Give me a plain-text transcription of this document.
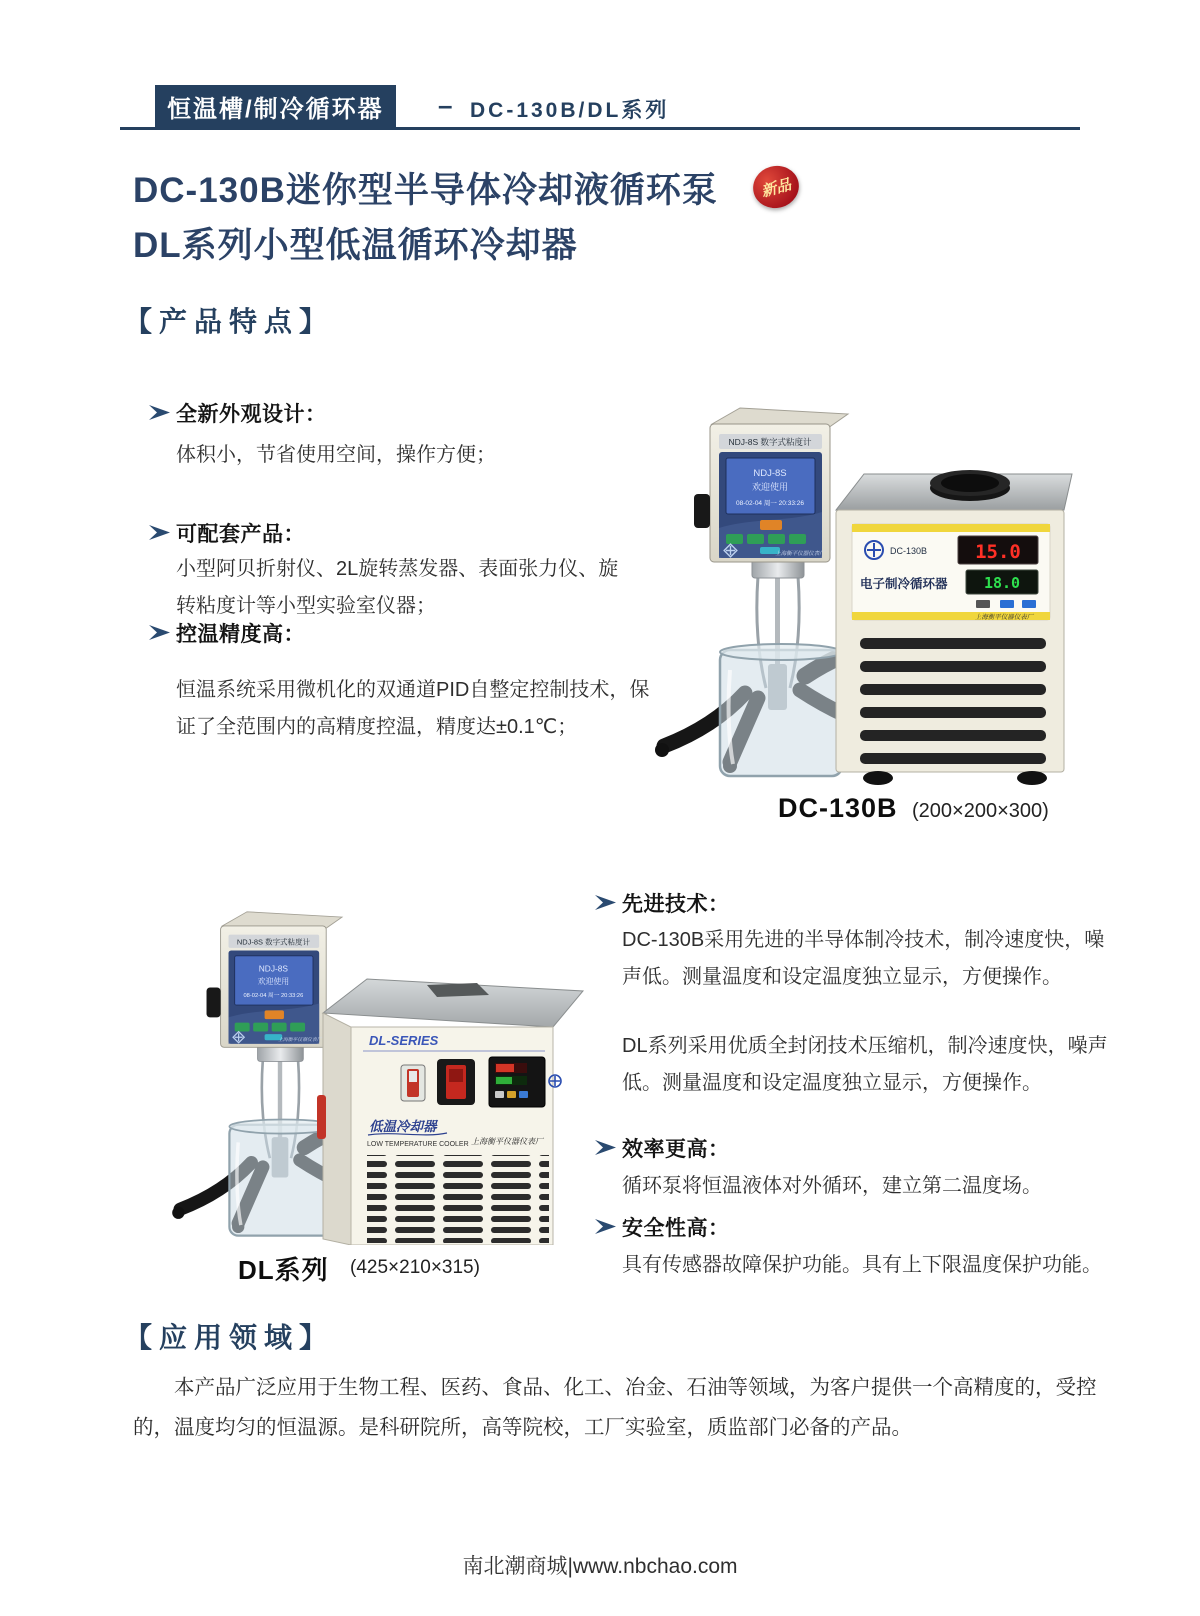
恒温槽/制冷循环器	– DC-130B/DL系列
DC-130B迷你型半导体冷却液循环泵	新品
DL系列小型低温循环冷却器
【产品特点】
全新外观设计：
体积小，节省使用空间，操作方便；
可配套产品：
小型阿贝折射仪、2L旋转蒸发器、表面张力仪、旋转粘度计等小型实验室仪器；
控温精度高：
恒温系统采用微机化的双通道PID自整定控制技术，保证了全范围内的高精度控温，精度达±0.1℃；
NDJ-8S 数字式粘度计
NDJ-8S
欢迎使用
08-02-04 周一 20:33:26
上海衡平仪器仪表厂	DC-130B
电子制冷循环器
15.0
18.0
上海衡平仪器仪表厂
DC-130B (200×200×300)
先进技术：
DC-130B采用先进的半导体制冷技术，制冷速度快，噪声低。测量温度和设定温度独立显示，方便操作。
DL系列采用优质全封闭技术压缩机，制冷速度快，噪声低。测量温度和设定温度独立显示，方便操作。
效率更高：
循环泵将恒温液体对外循环，建立第二温度场。
安全性高：
具有传感器故障保护功能。具有上下限温度保护功能。
DL-SERIES
低温冷却器
LOW TEMPERATURE COOLER 上海衡平仪器仪表厂
DL系列 (425×210×315)
【应用领域】
本产品广泛应用于生物工程、医药、食品、化工、冶金、石油等领域，为客户提供一个高精度的，受控的，温度均匀的恒温源。是科研院所，高等院校，工厂实验室，质监部门必备的产品。
南北潮商城|www.nbchao.com
